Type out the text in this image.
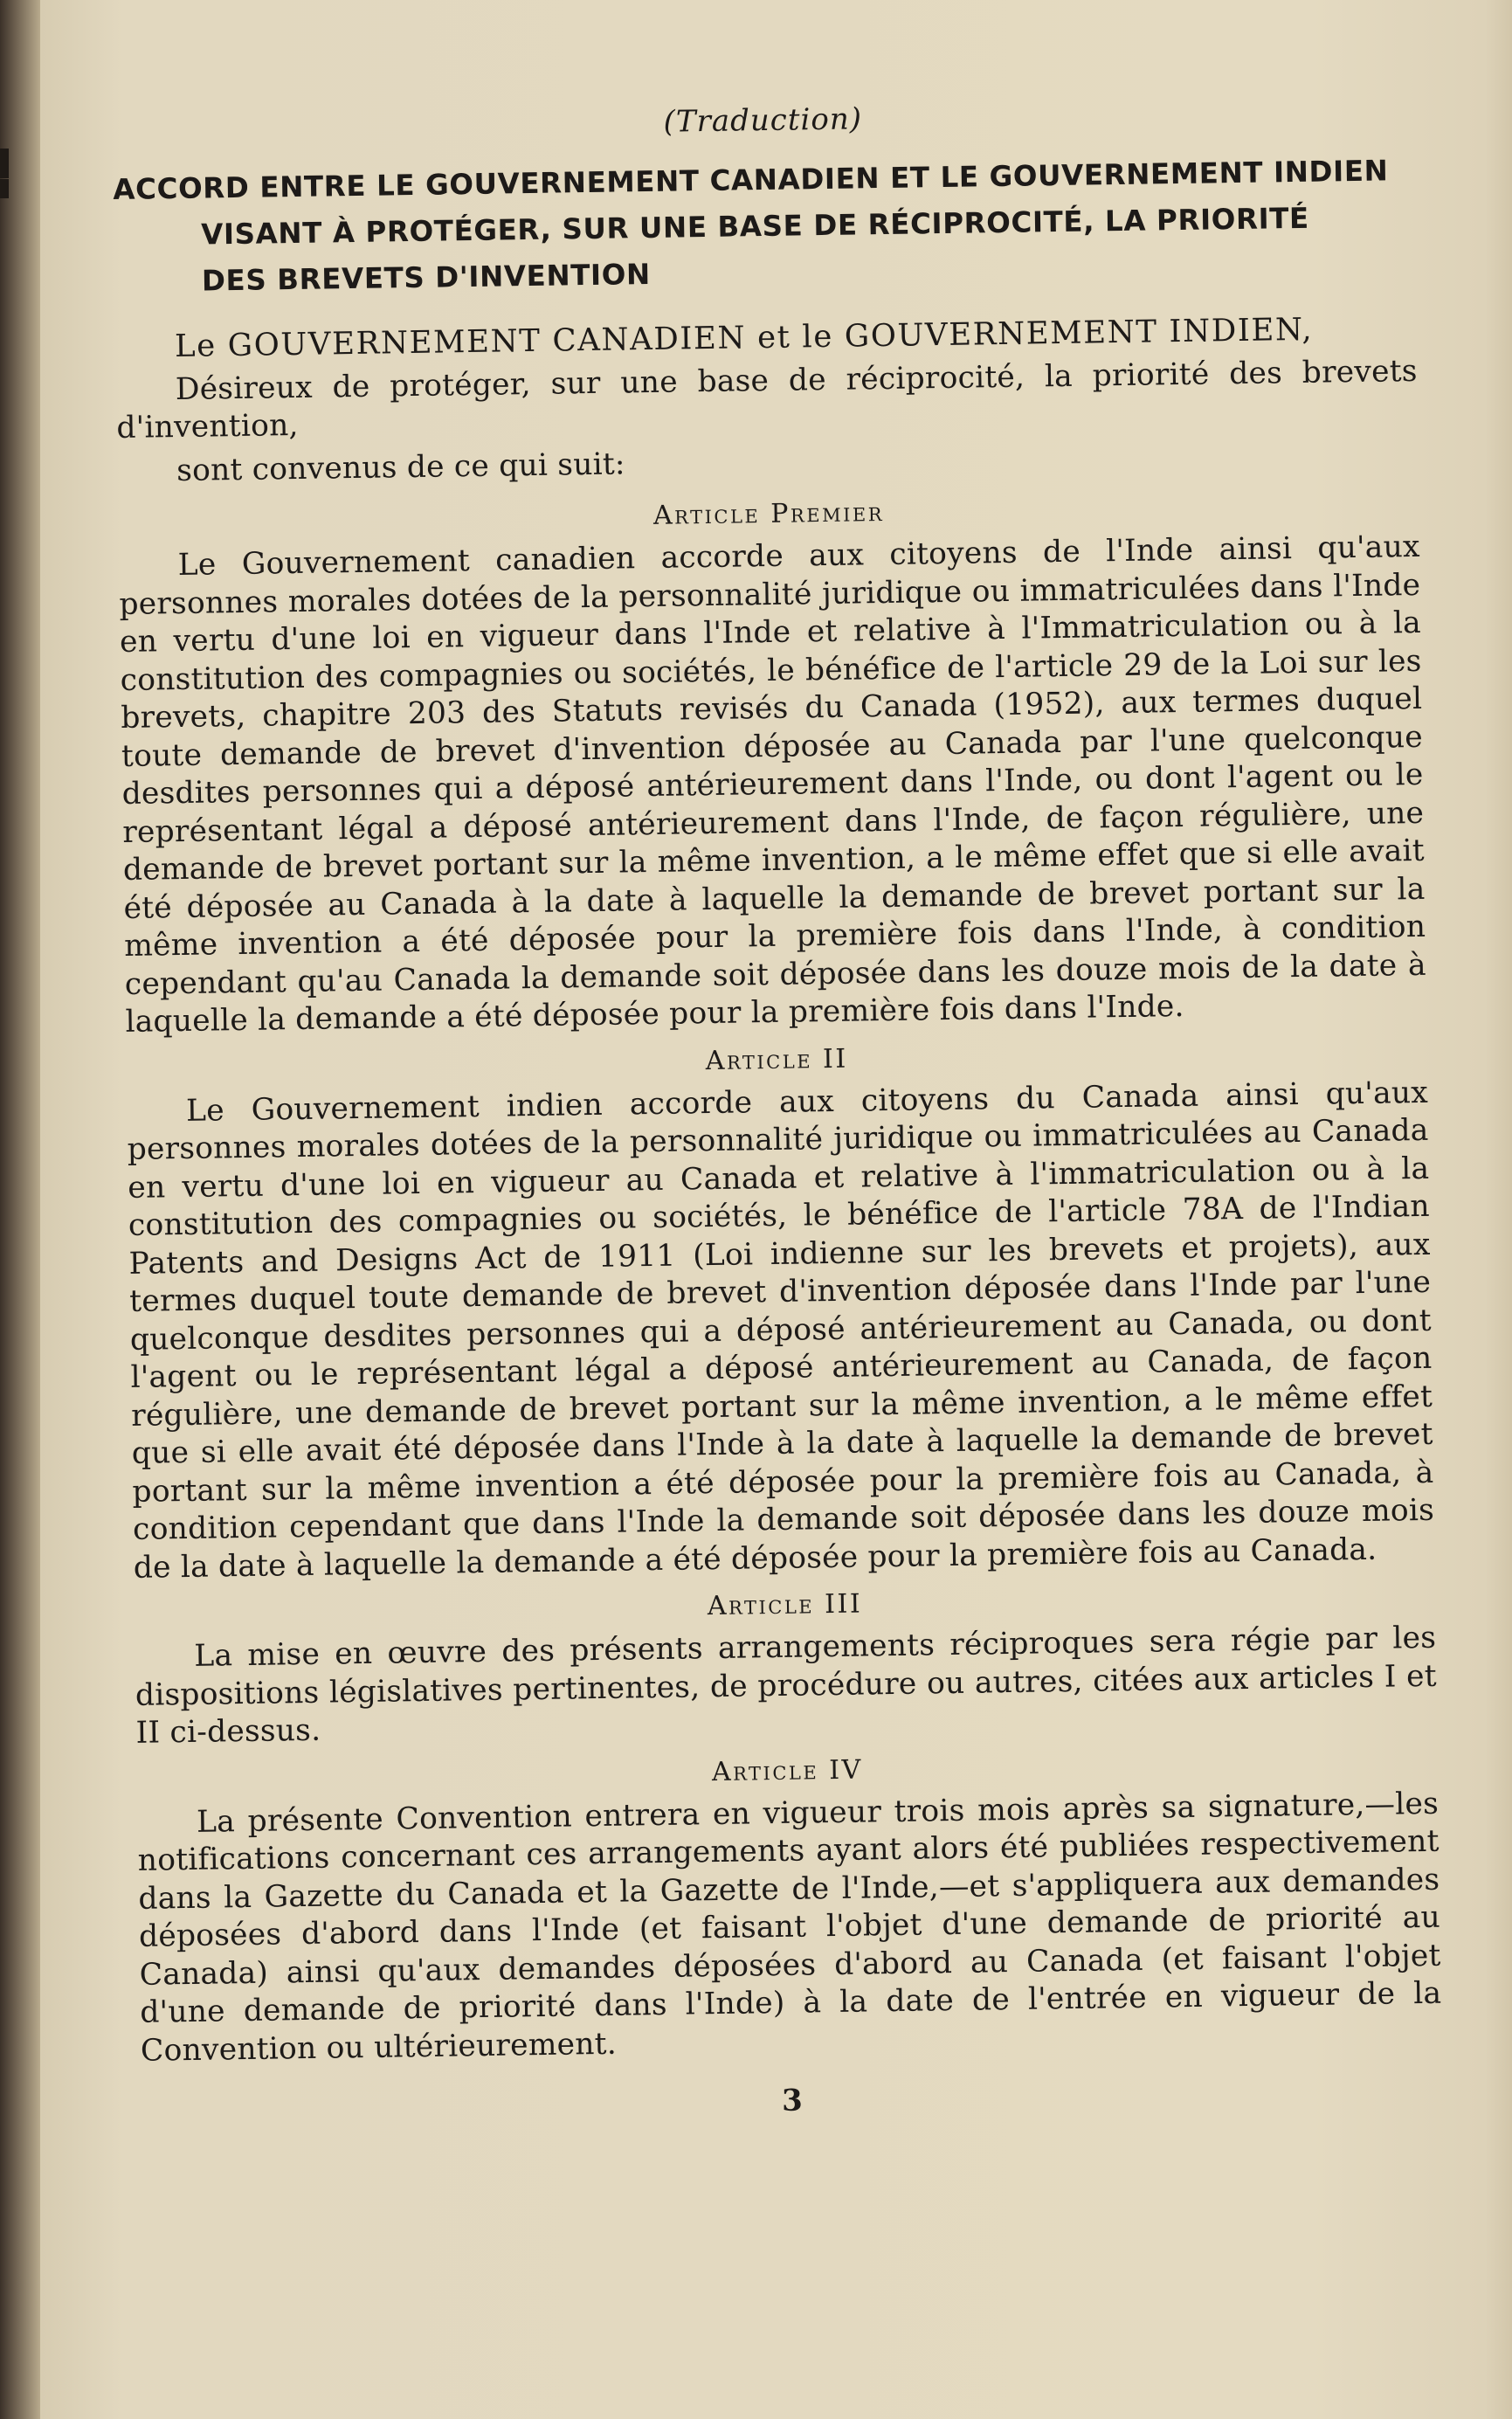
(Traduction)
ACCORD ENTRE LE GOUVERNEMENT CANADIEN ET LE GOUVERNEMENT INDIEN
VISANT À PROTÉGER, SUR UNE BASE DE RÉCIPROCITÉ, LA PRIORITÉ
DES BREVETS D'INVENTION
Le GOUVERNEMENT CANADIEN et le GOUVERNEMENT INDIEN,
Désireux de protéger, sur une base de réciprocité, la priorité des brevets d'invention,
sont convenus de ce qui suit:
Article Premier
Le Gouvernement canadien accorde aux citoyens de l'Inde ainsi qu'aux personnes morales dotées de la personnalité juridique ou immatriculées dans l'Inde en vertu d'une loi en vigueur dans l'Inde et relative à l'Immatriculation ou à la constitution des compagnies ou sociétés, le bénéfice de l'article 29 de la Loi sur les brevets, chapitre 203 des Statuts revisés du Canada (1952), aux termes duquel toute demande de brevet d'invention déposée au Canada par l'une quelconque desdites personnes qui a déposé antérieurement dans l'Inde, ou dont l'agent ou le représentant légal a déposé antérieurement dans l'Inde, de façon régulière, une demande de brevet portant sur la même invention, a le même effet que si elle avait été déposée au Canada à la date à laquelle la demande de brevet portant sur la même invention a été déposée pour la première fois dans l'Inde, à condition cependant qu'au Canada la demande soit déposée dans les douze mois de la date à laquelle la demande a été déposée pour la première fois dans l'Inde.
Article II
Le Gouvernement indien accorde aux citoyens du Canada ainsi qu'aux personnes morales dotées de la personnalité juridique ou immatriculées au Canada en vertu d'une loi en vigueur au Canada et relative à l'immatriculation ou à la constitution des compagnies ou sociétés, le bénéfice de l'article 78A de l'Indian Patents and Designs Act de 1911 (Loi indienne sur les brevets et projets), aux termes duquel toute demande de brevet d'invention déposée dans l'Inde par l'une quelconque desdites personnes qui a déposé antérieurement au Canada, ou dont l'agent ou le représentant légal a déposé antérieurement au Canada, de façon régulière, une demande de brevet portant sur la même invention, a le même effet que si elle avait été déposée dans l'Inde à la date à laquelle la demande de brevet portant sur la même invention a été déposée pour la première fois au Canada, à condition cependant que dans l'Inde la demande soit déposée dans les douze mois de la date à laquelle la demande a été déposée pour la première fois au Canada.
Article III
La mise en œuvre des présents arrangements réciproques sera régie par les dispositions législatives pertinentes, de procédure ou autres, citées aux articles I et II ci-dessus.
Article IV
La présente Convention entrera en vigueur trois mois après sa signature,—les notifications concernant ces arrangements ayant alors été publiées respectivement dans la Gazette du Canada et la Gazette de l'Inde,—et s'appliquera aux demandes déposées d'abord dans l'Inde (et faisant l'objet d'une demande de priorité au Canada) ainsi qu'aux demandes déposées d'abord au Canada (et faisant l'objet d'une demande de priorité dans l'Inde) à la date de l'entrée en vigueur de la Convention ou ultérieurement.
3
